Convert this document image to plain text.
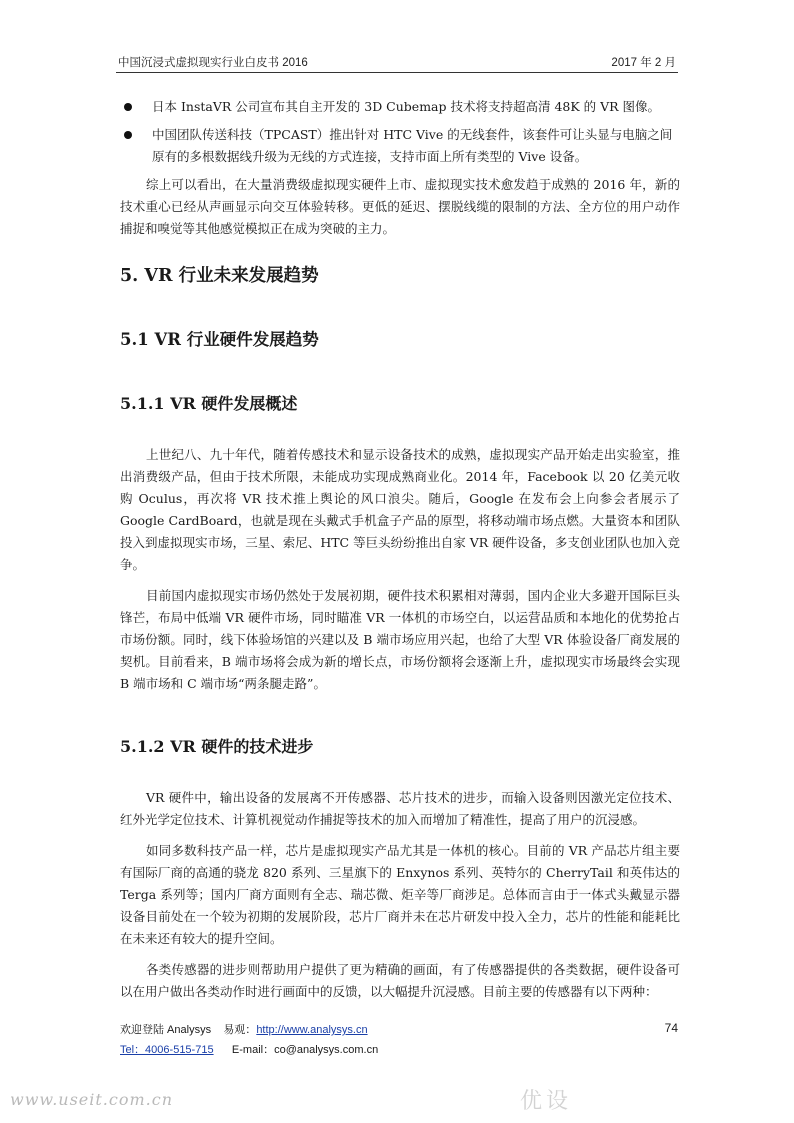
中国沉浸式虚拟现实行业白皮书 2016	2017 年 2 月
日本 InstaVR 公司宣布其自主开发的 3D Cubemap 技术将支持超高清 48K 的 VR 图像。
中国团队传送科技（TPCAST）推出针对 HTC Vive 的无线套件，该套件可让头显与电脑之间原有的多根数据线升级为无线的方式连接，支持市面上所有类型的 Vive 设备。

综上可以看出，在大量消费级虚拟现实硬件上市、虚拟现实技术愈发趋于成熟的 2016 年，新的技术重心已经从声画显示向交互体验转移。更低的延迟、摆脱线缆的限制的方法、全方位的用户动作捕捉和嗅觉等其他感觉模拟正在成为突破的主力。

5. VR 行业未来发展趋势
5.1 VR 行业硬件发展趋势
5.1.1 VR 硬件发展概述

上世纪八、九十年代，随着传感技术和显示设备技术的成熟，虚拟现实产品开始走出实验室，推出消费级产品，但由于技术所限，未能成功实现成熟商业化。2014 年，Facebook 以 20 亿美元收购 Oculus，再次将 VR 技术推上舆论的风口浪尖。随后，Google 在发布会上向参会者展示了 Google CardBoard，也就是现在头戴式手机盒子产品的原型，将移动端市场点燃。大量资本和团队投入到虚拟现实市场，三星、索尼、HTC 等巨头纷纷推出自家 VR 硬件设备，多支创业团队也加入竞争。

目前国内虚拟现实市场仍然处于发展初期，硬件技术积累相对薄弱，国内企业大多避开国际巨头锋芒，布局中低端 VR 硬件市场，同时瞄准 VR 一体机的市场空白，以运营品质和本地化的优势抢占市场份额。同时，线下体验场馆的兴建以及 B 端市场应用兴起，也给了大型 VR 体验设备厂商发展的契机。目前看来，B 端市场将会成为新的增长点，市场份额将会逐渐上升，虚拟现实市场最终会实现 B 端市场和 C 端市场“两条腿走路”。

5.1.2 VR 硬件的技术进步

VR 硬件中，输出设备的发展离不开传感器、芯片技术的进步，而输入设备则因激光定位技术、红外光学定位技术、计算机视觉动作捕捉等技术的加入而增加了精准性，提高了用户的沉浸感。

如同多数科技产品一样，芯片是虚拟现实产品尤其是一体机的核心。目前的 VR 产品芯片组主要有国际厂商的高通的骁龙 820 系列、三星旗下的 Enxynos 系列、英特尔的 CherryTail 和英伟达的 Terga 系列等；国内厂商方面则有全志、瑞芯微、炬辛等厂商涉足。总体而言由于一体式头戴显示器设备目前处在一个较为初期的发展阶段，芯片厂商并未在芯片研发中投入全力，芯片的性能和能耗比在未来还有较大的提升空间。

各类传感器的进步则帮助用户提供了更为精确的画面，有了传感器提供的各类数据，硬件设备可以在用户做出各类动作时进行画面中的反馈，以大幅提升沉浸感。目前主要的传感器有以下两种：

欢迎登陆 Analysys 易观：http://www.analysys.cn
Tel：4006-515-715 E-mail：co@analysys.com.cn
74
www.useit.com.cn	优设
